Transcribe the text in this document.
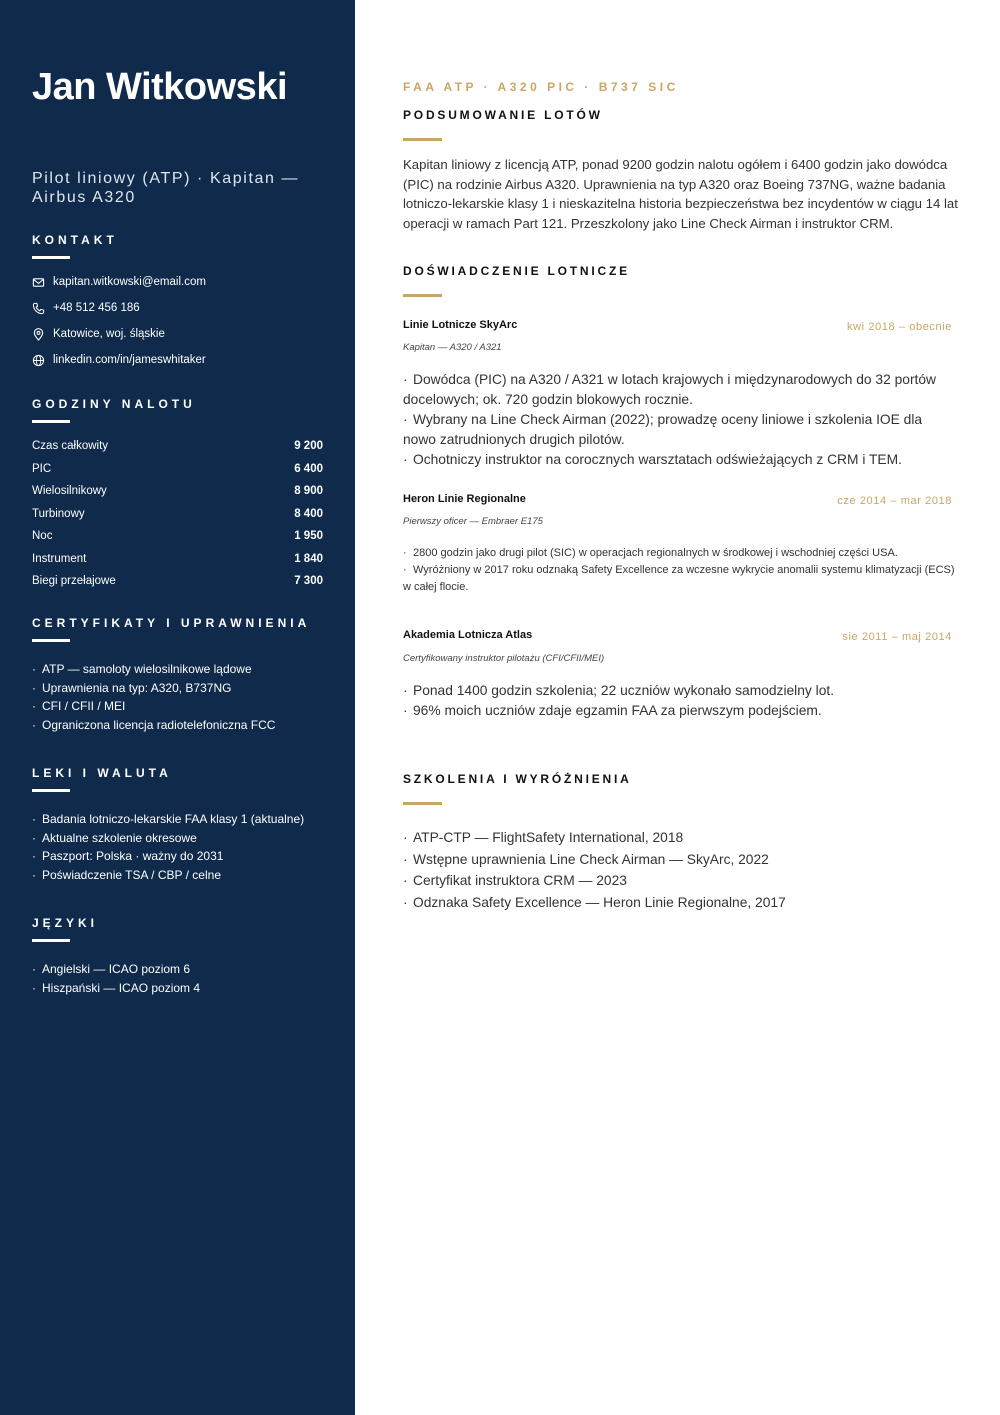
Jan Witkowski
Pilot liniowy (ATP) · Kapitan — Airbus A320
KONTAKT
kapitan.witkowski@email.com
+48 512 456 186
Katowice, woj. śląskie
linkedin.com/in/jameswhitaker
GODZINY NALOTU
Czas całkowity	9 200
PIC	6 400
Wielosilnikowy	8 900
Turbinowy	8 400
Noc	1 950
Instrument	1 840
Biegi przełajowe	7 300
CERTYFIKATY I UPRAWNIENIA
· ATP — samoloty wielosilnikowe lądowe
· Uprawnienia na typ: A320, B737NG
· CFI / CFII / MEI
· Ograniczona licencja radiotelefoniczna FCC
LEKI I WALUTA
· Badania lotniczo-lekarskie FAA klasy 1 (aktualne)
· Aktualne szkolenie okresowe
· Paszport: Polska · ważny do 2031
· Poświadczenie TSA / CBP / celne
JĘZYKI
· Angielski — ICAO poziom 6
· Hiszpański — ICAO poziom 4
FAA ATP · A320 PIC · B737 SIC
PODSUMOWANIE LOTÓW
Kapitan liniowy z licencją ATP, ponad 9200 godzin nalotu ogółem i 6400 godzin jako dowódca (PIC) na rodzinie Airbus A320. Uprawnienia na typ A320 oraz Boeing 737NG, ważne badania lotniczo-lekarskie klasy 1 i nieskazitelna historia bezpieczeństwa bez incydentów w ciągu 14 lat operacji w ramach Part 121. Przeszkolony jako Line Check Airman i instruktor CRM.
DOŚWIADCZENIE LOTNICZE
Linie Lotnicze SkyArc	kwi 2018 – obecnie
Kapitan — A320 / A321
· Dowódca (PIC) na A320 / A321 w lotach krajowych i międzynarodowych do 32 portów docelowych; ok. 720 godzin blokowych rocznie.
· Wybrany na Line Check Airman (2022); prowadzę oceny liniowe i szkolenia IOE dla nowo zatrudnionych drugich pilotów.
· Ochotniczy instruktor na corocznych warsztatach odświeżających z CRM i TEM.
Heron Linie Regionalne	cze 2014 – mar 2018
Pierwszy oficer — Embraer E175
· 2800 godzin jako drugi pilot (SIC) w operacjach regionalnych w środkowej i wschodniej części USA.
· Wyróżniony w 2017 roku odznaką Safety Excellence za wczesne wykrycie anomalii systemu klimatyzacji (ECS) w całej flocie.
Akademia Lotnicza Atlas	sie 2011 – maj 2014
Certyfikowany instruktor pilotażu (CFI/CFII/MEI)
· Ponad 1400 godzin szkolenia; 22 uczniów wykonało samodzielny lot.
· 96% moich uczniów zdaje egzamin FAA za pierwszym podejściem.
SZKOLENIA I WYRÓŻNIENIA
· ATP-CTP — FlightSafety International, 2018
· Wstępne uprawnienia Line Check Airman — SkyArc, 2022
· Certyfikat instruktora CRM — 2023
· Odznaka Safety Excellence — Heron Linie Regionalne, 2017
